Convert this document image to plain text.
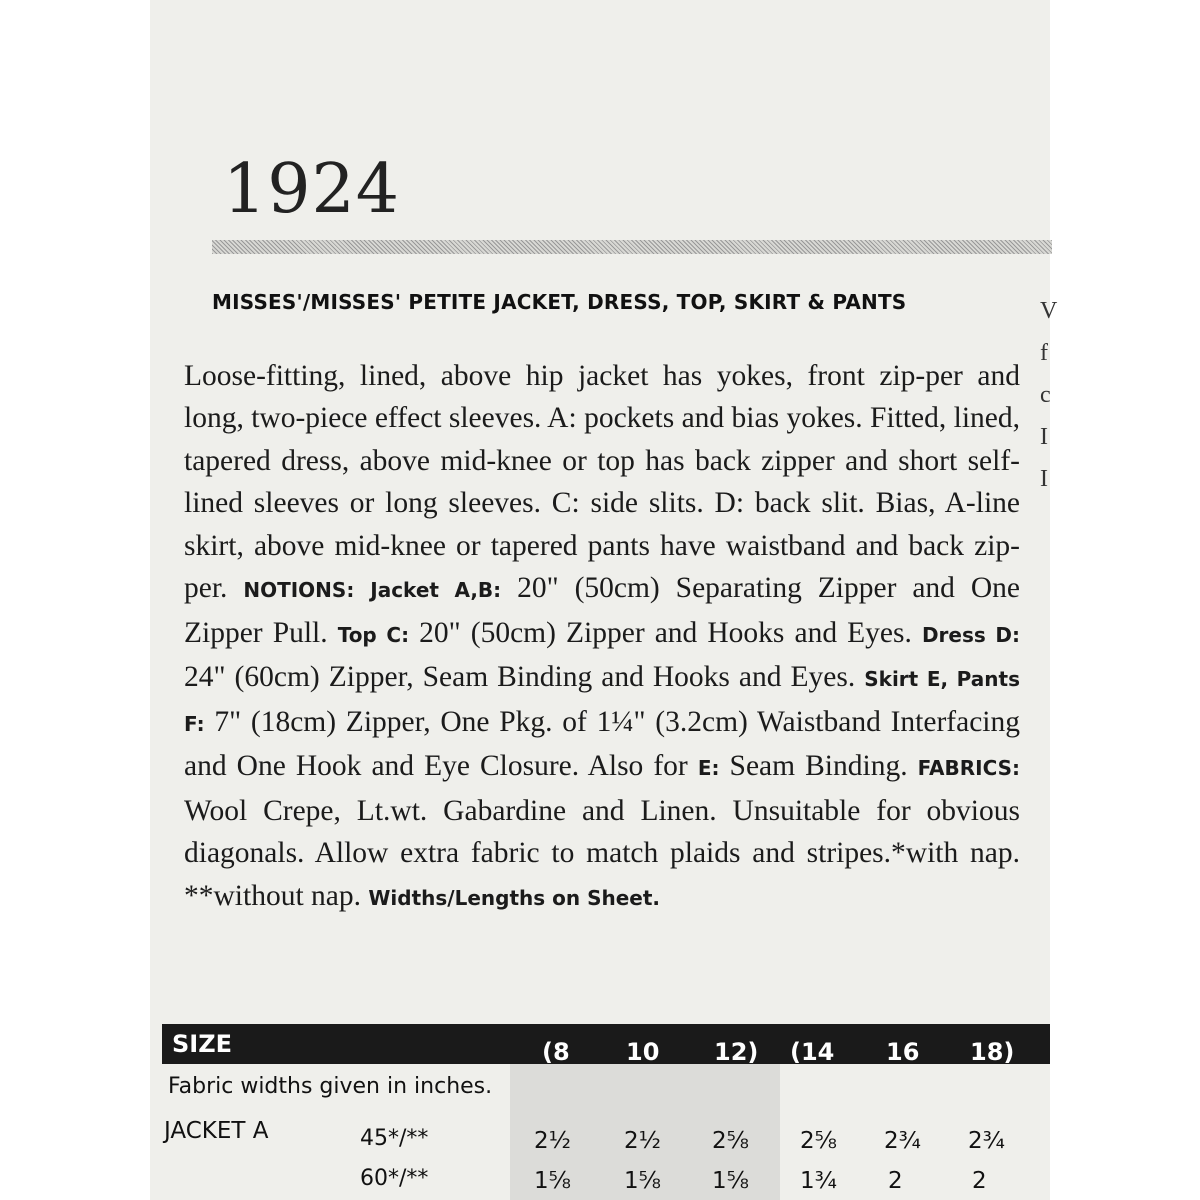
1924
MISSES'/MISSES' PETITE JACKET, DRESS, TOP, SKIRT & PANTS

Loose-fitting, lined, above hip jacket has yokes, front zip-per and long, two-piece effect sleeves. A: pockets and bias yokes. Fitted, lined, tapered dress, above mid-knee or top has back zipper and short self-lined sleeves or long sleeves. C: side slits. D: back slit. Bias, A-line skirt, above mid-knee or tapered pants have waistband and back zip-per. NOTIONS: Jacket A,B: 20" (50cm) Separating Zipper and One Zipper Pull. Top C: 20" (50cm) Zipper and Hooks and Eyes. Dress D: 24" (60cm) Zipper, Seam Binding and Hooks and Eyes. Skirt E, Pants F: 7" (18cm) Zipper, One Pkg. of 1¼" (3.2cm) Waistband Interfacing and One Hook and Eye Closure. Also for E: Seam Binding. FABRICS: Wool Crepe, Lt.wt. Gabardine and Linen. Unsuitable for obvious diagonals. Allow extra fabric to match plaids and stripes.*with nap. **without nap. Widths/Lengths on Sheet.

V
f
c
I
I
SIZE	(8 10 12) (14 16 18)
Fabric widths given in inches.
JACKET A	45*/**	2½ 2½ 2⅝ 2⅝ 2¾ 2¾
60*/**	1⅝ 1⅝ 1⅝ 1¾ 2	2
